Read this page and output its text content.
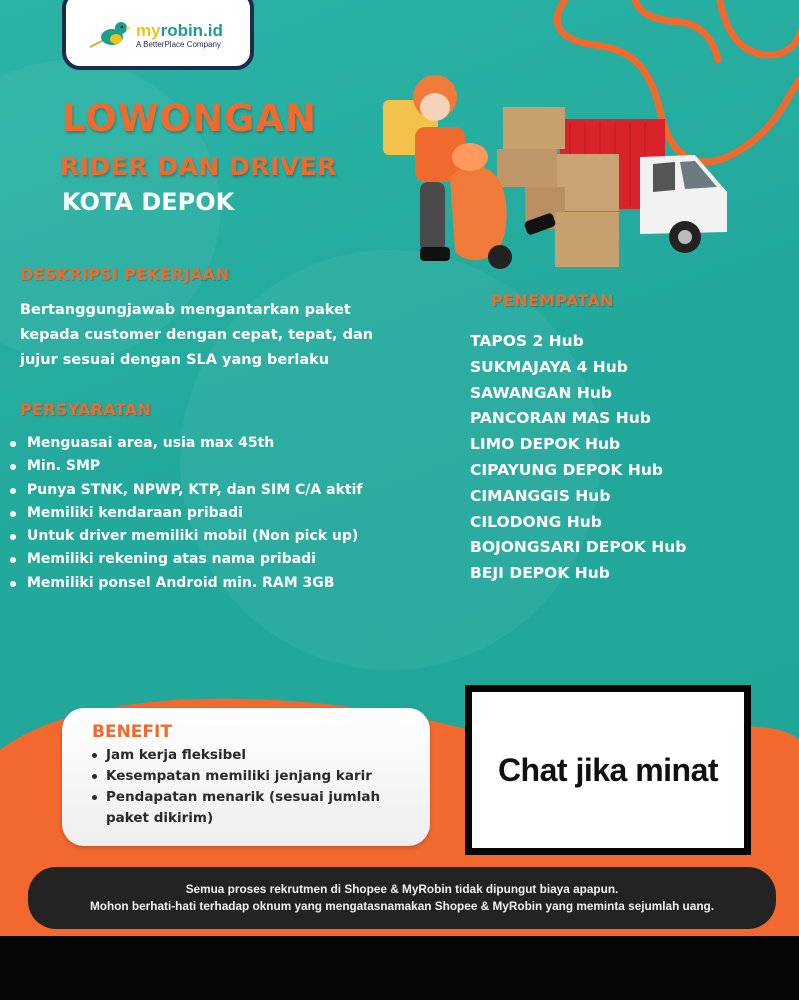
myrobin.id
A BetterPlace Company
LOWONGAN
RIDER DAN DRIVER
KOTA DEPOK
DESKRIPSI PEKERJAAN

Bertanggungjawab mengantarkan paket kepada customer dengan cepat, tepat, dan jujur sesuai dengan SLA yang berlaku

PERSYARATAN
Menguasai area, usia max 45th
Min. SMP
Punya STNK, NPWP, KTP, dan SIM C/A aktif
Memiliki kendaraan pribadi
Untuk driver memiliki mobil (Non pick up)
Memiliki rekening atas nama pribadi
Memiliki ponsel Android min. RAM 3GB
PENEMPATAN
TAPOS 2 Hub
SUKMAJAYA 4 Hub
SAWANGAN Hub
PANCORAN MAS Hub
LIMO DEPOK Hub
CIPAYUNG DEPOK Hub
CIMANGGIS Hub
CILODONG Hub
BOJONGSARI DEPOK Hub
BEJI DEPOK Hub
BENEFIT
Jam kerja fleksibel
Kesempatan memiliki jenjang karir
Pendapatan menarik (sesuai jumlah paket dikirim)
Chat jika minat
Semua proses rekrutmen di Shopee & MyRobin tidak dipungut biaya apapun.
Mohon berhati-hati terhadap oknum yang mengatasnamakan Shopee & MyRobin yang meminta sejumlah uang.
